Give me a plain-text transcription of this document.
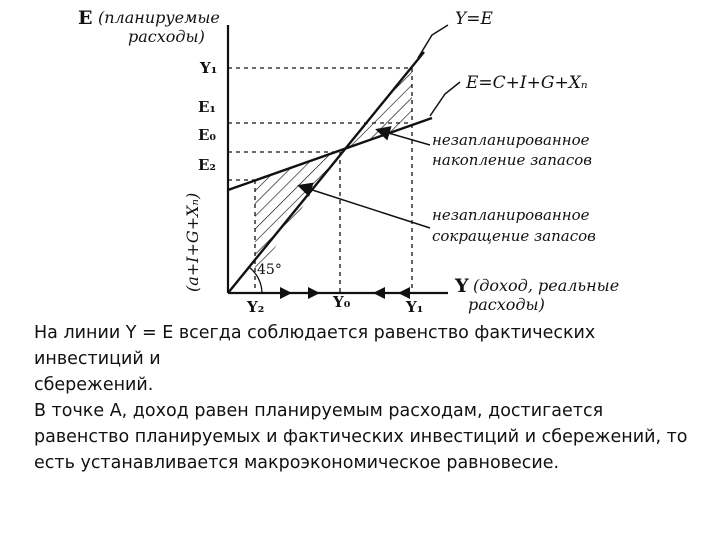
E (планируемые
расходы)
Y (доход, реальные
расходы)
Y₁
E₁
E₀
E₂
Y₂	Y₀	Y₁
(a+I+G+Xₙ)
Y=E
E=C+I+G+Xₙ
45°
незапланированное
накопление запасов
незапланированное
сокращение запасов

На линии Y = E всегда соблюдается равенство фактических инвестиций и
сбережений.

В точке А, доход равен планируемым расходам, достигается равенство планируемых и фактических инвестиций и сбережений, то есть устанавливается макроэкономическое равновесие.
